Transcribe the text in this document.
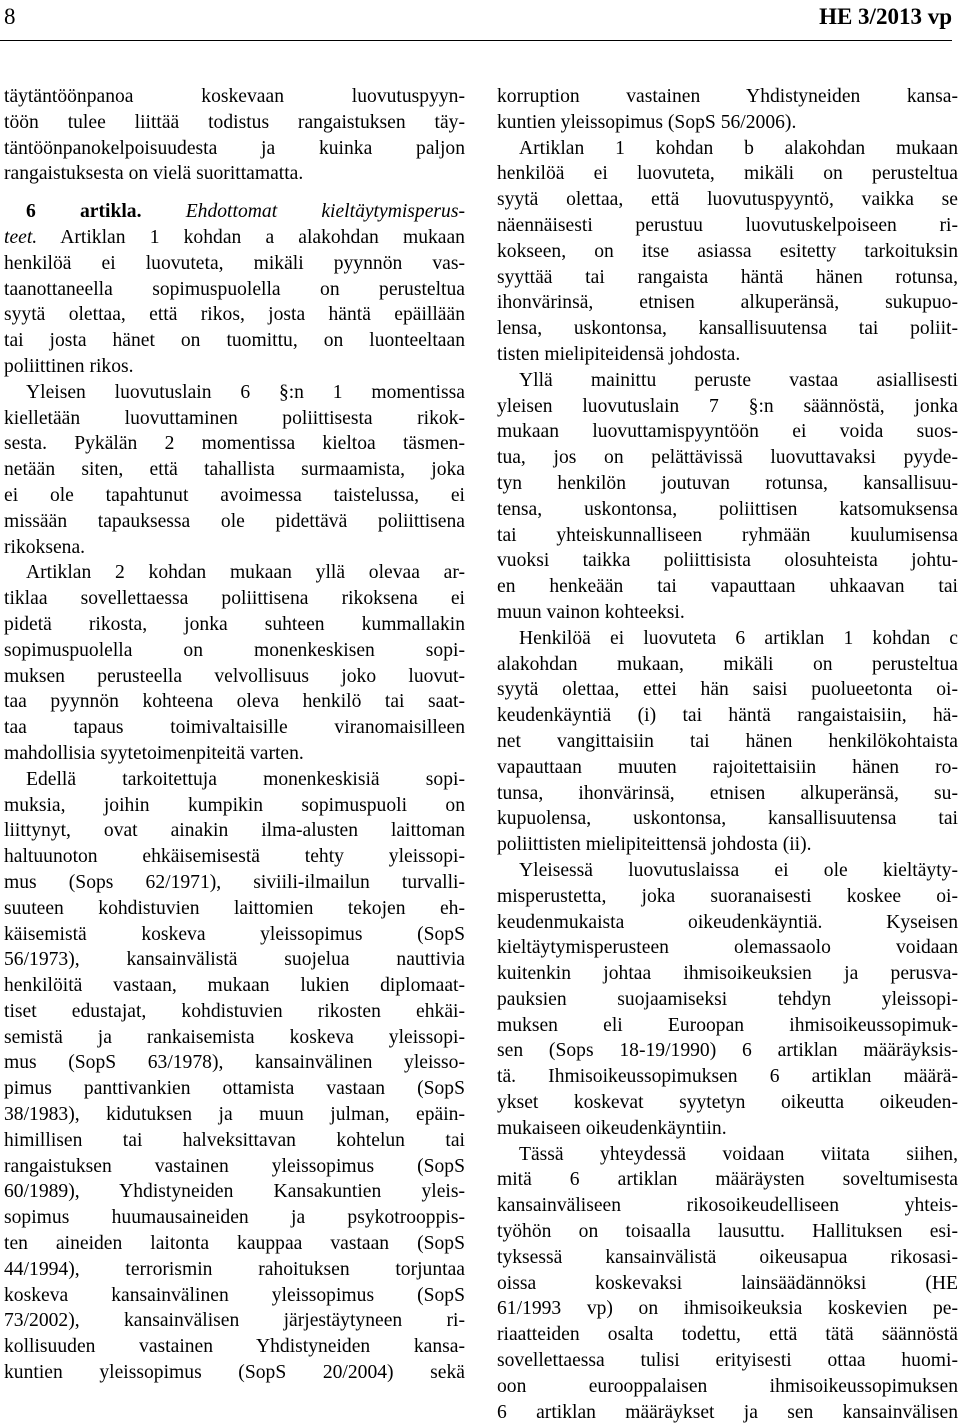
8	HE 3/2013 vp
täytäntöönpanoa koskevaan luovutuspyyn-
töön tulee liittää todistus rangaistuksen täy-
täntöönpanokelpoisuudesta ja kuinka paljon
rangaistuksesta on vielä suorittamatta.
6 artikla. Ehdottomat kieltäytymisperus-
teet. Artiklan 1 kohdan a alakohdan mukaan
henkilöä ei luovuteta, mikäli pyynnön vas-
taanottaneella sopimuspuolella on perusteltua
syytä olettaa, että rikos, josta häntä epäillään
tai josta hänet on tuomittu, on luonteeltaan
poliittinen rikos.
Yleisen luovutuslain 6 §:n 1 momentissa
kielletään luovuttaminen poliittisesta rikok-
sesta. Pykälän 2 momentissa kieltoa täsmen-
netään siten, että tahallista surmaamista, joka
ei ole tapahtunut avoimessa taistelussa, ei
missään tapauksessa ole pidettävä poliittisena
rikoksena.
Artiklan 2 kohdan mukaan yllä olevaa ar-
tiklaa sovellettaessa poliittisena rikoksena ei
pidetä rikosta, jonka suhteen kummallakin
sopimuspuolella on monenkeskisen sopi-
muksen perusteella velvollisuus joko luovut-
taa pyynnön kohteena oleva henkilö tai saat-
taa tapaus toimivaltaisille viranomaisilleen
mahdollisia syytetoimenpiteitä varten.
Edellä tarkoitettuja monenkeskisiä sopi-
muksia, joihin kumpikin sopimuspuoli on
liittynyt, ovat ainakin ilma-alusten laittoman
haltuunoton ehkäisemisestä tehty yleissopi-
mus (Sops 62/1971), siviili-ilmailun turvalli-
suuteen kohdistuvien laittomien tekojen eh-
käisemistä koskeva yleissopimus (SopS
56/1973), kansainvälistä suojelua nauttivia
henkilöitä vastaan, mukaan lukien diplomaat-
tiset edustajat, kohdistuvien rikosten ehkäi-
semistä ja rankaisemista koskeva yleissopi-
mus (SopS 63/1978), kansainvälinen yleisso-
pimus panttivankien ottamista vastaan (SopS
38/1983), kidutuksen ja muun julman, epäin-
himillisen tai halveksittavan kohtelun tai
rangaistuksen vastainen yleissopimus (SopS
60/1989), Yhdistyneiden Kansakuntien yleis-
sopimus huumausaineiden ja psykotrooppis-
ten aineiden laitonta kauppaa vastaan (SopS
44/1994), terrorismin rahoituksen torjuntaa
koskeva kansainvälinen yleissopimus (SopS
73/2002), kansainvälisen järjestäytyneen ri-
kollisuuden vastainen Yhdistyneiden kansa-
kuntien yleissopimus (SopS 20/2004) sekä
korruption vastainen Yhdistyneiden kansa-
kuntien yleissopimus (SopS 56/2006).
Artiklan 1 kohdan b alakohdan mukaan
henkilöä ei luovuteta, mikäli on perusteltua
syytä olettaa, että luovutuspyyntö, vaikka se
näennäisesti perustuu luovutuskelpoiseen ri-
kokseen, on itse asiassa esitetty tarkoituksin
syyttää tai rangaista häntä hänen rotunsa,
ihonvärinsä, etnisen alkuperänsä, sukupuo-
lensa, uskontonsa, kansallisuutensa tai poliit-
tisten mielipiteidensä johdosta.
Yllä mainittu peruste vastaa asiallisesti
yleisen luovutuslain 7 §:n säännöstä, jonka
mukaan luovuttamispyyntöön ei voida suos-
tua, jos on pelättävissä luovuttavaksi pyyde-
tyn henkilön joutuvan rotunsa, kansallisuu-
tensa, uskontonsa, poliittisen katsomuksensa
tai yhteiskunnalliseen ryhmään kuulumisensa
vuoksi taikka poliittisista olosuhteista johtu-
en henkeään tai vapauttaan uhkaavan tai
muun vainon kohteeksi.
Henkilöä ei luovuteta 6 artiklan 1 kohdan c
alakohdan mukaan, mikäli on perusteltua
syytä olettaa, ettei hän saisi puolueetonta oi-
keudenkäyntiä (i) tai häntä rangaistaisiin, hä-
net vangittaisiin tai hänen henkilökohtaista
vapauttaan muuten rajoitettaisiin hänen ro-
tunsa, ihonvärinsä, etnisen alkuperänsä, su-
kupuolensa, uskontonsa, kansallisuutensa tai
poliittisten mielipiteittensä johdosta (ii).
Yleisessä luovutuslaissa ei ole kieltäyty-
misperustetta, joka suoranaisesti koskee oi-
keudenmukaista oikeudenkäyntiä. Kyseisen
kieltäytymisperusteen olemassaolo voidaan
kuitenkin johtaa ihmisoikeuksien ja perusva-
pauksien suojaamiseksi tehdyn yleissopi-
muksen eli Euroopan ihmisoikeussopimuk-
sen (Sops 18-19/1990) 6 artiklan määräyksis-
tä. Ihmisoikeussopimuksen 6 artiklan määrä-
ykset koskevat syytetyn oikeutta oikeuden-
mukaiseen oikeudenkäyntiin.
Tässä yhteydessä voidaan viitata siihen,
mitä 6 artiklan määräysten soveltumisesta
kansainväliseen rikosoikeudelliseen yhteis-
työhön on toisaalla lausuttu. Hallituksen esi-
tyksessä kansainvälistä oikeusapua rikosasi-
oissa koskevaksi lainsäädännöksi (HE
61/1993 vp) on ihmisoikeuksia koskevien pe-
riaatteiden osalta todettu, että tätä säännöstä
sovellettaessa tulisi erityisesti ottaa huomi-
oon eurooppalaisen ihmisoikeussopimuksen
6 artiklan määräykset ja sen kansainvälisen
